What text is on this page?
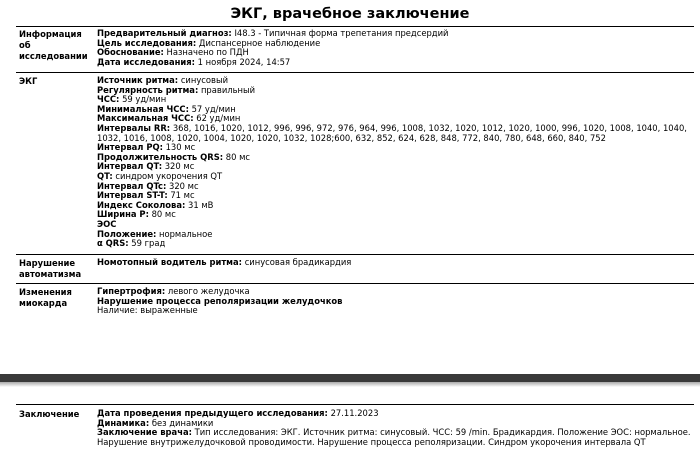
ЭКГ, врачебное заключение
Информация об исследовании
Предварительный диагноз: I48.3 - Типичная форма трепетания предсердий
Цель исследования: Диспансерное наблюдение
Обоснование: Назначено по ПДН
Дата исследования: 1 ноября 2024, 14:57
ЭКГ	Источник ритма: синусовый
Регулярность ритма: правильный
ЧСС: 59 уд/мин
Минимальная ЧСС: 57 уд/мин
Максимальная ЧСС: 62 уд/мин
Интервалы RR: 368, 1016, 1020, 1012, 996, 996, 972, 976, 964, 996, 1008, 1032, 1020, 1012, 1020, 1000, 996, 1020, 1008, 1040, 1040, 1032, 1016, 1008, 1020, 1004, 1020, 1020, 1032, 1028;600, 632, 852, 624, 628, 848, 772, 840, 780, 648, 660, 840, 752
Интервал PQ: 130 мс
Продолжительность QRS: 80 мс
Интервал QT: 320 мс
QT: синдром укорочения QT
Интервал QTc: 320 мс
Интервал ST-T: 71 мс
Индекс Соколова: 31 мВ
Ширина P: 80 мс
ЭОС
Положение: нормальное
α QRS: 59 град
Нарушение автоматизма
Номотопный водитель ритма: синусовая брадикардия
Изменения миокарда
Гипертрофия: левого желудочка
Нарушение процесса реполяризации желудочков
Наличие: выраженные
Заключение	Дата проведения предыдущего исследования: 27.11.2023
Динамика: без динамики
Заключение врача: Тип исследования: ЭКГ. Источник ритма: синусовый. ЧСС: 59 /min. Брадикардия. Положение ЭОС: нормальное. Нарушение внутрижелудочковой проводимости. Нарушение процесса реполяризации. Синдром укорочения интервала QT
